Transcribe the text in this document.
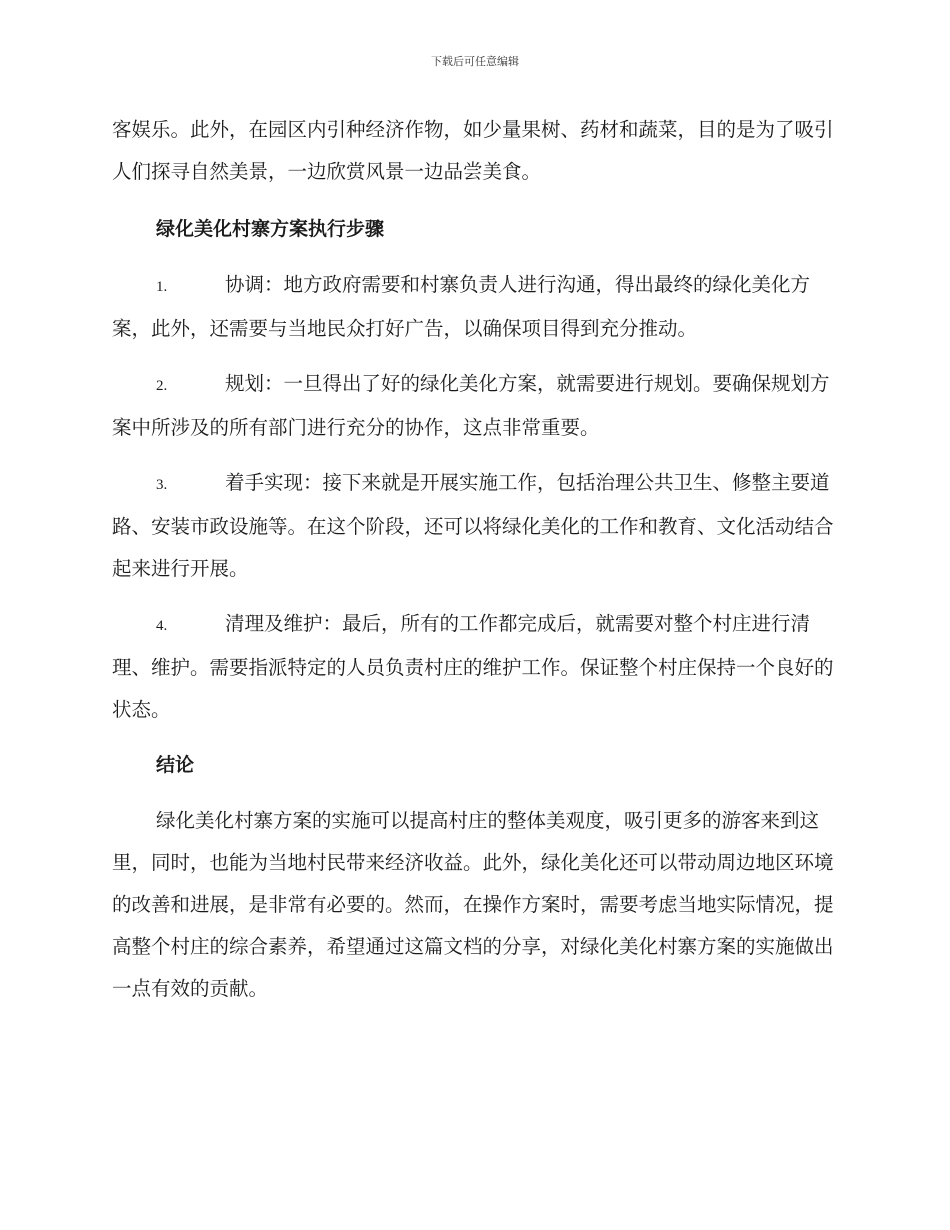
下载后可任意编辑

客娱乐。此外，在园区内引种经济作物，如少量果树、药材和蔬菜，目的是为了吸引人们探寻自然美景，一边欣赏风景一边品尝美食。

绿化美化村寨方案执行步骤

1.	协调：地方政府需要和村寨负责人进行沟通，得出最终的绿化美化方案，此外，还需要与当地民众打好广告，以确保项目得到充分推动。

2.	规划：一旦得出了好的绿化美化方案，就需要进行规划。要确保规划方案中所涉及的所有部门进行充分的协作，这点非常重要。

3.	着手实现：接下来就是开展实施工作，包括治理公共卫生、修整主要道路、安装市政设施等。在这个阶段，还可以将绿化美化的工作和教育、文化活动结合起来进行开展。

4.	清理及维护：最后，所有的工作都完成后，就需要对整个村庄进行清理、维护。需要指派特定的人员负责村庄的维护工作。保证整个村庄保持一个良好的状态。

结论

绿化美化村寨方案的实施可以提高村庄的整体美观度，吸引更多的游客来到这里，同时，也能为当地村民带来经济收益。此外，绿化美化还可以带动周边地区环境的改善和进展，是非常有必要的。然而，在操作方案时，需要考虑当地实际情况，提高整个村庄的综合素养，希望通过这篇文档的分享，对绿化美化村寨方案的实施做出一点有效的贡献。
